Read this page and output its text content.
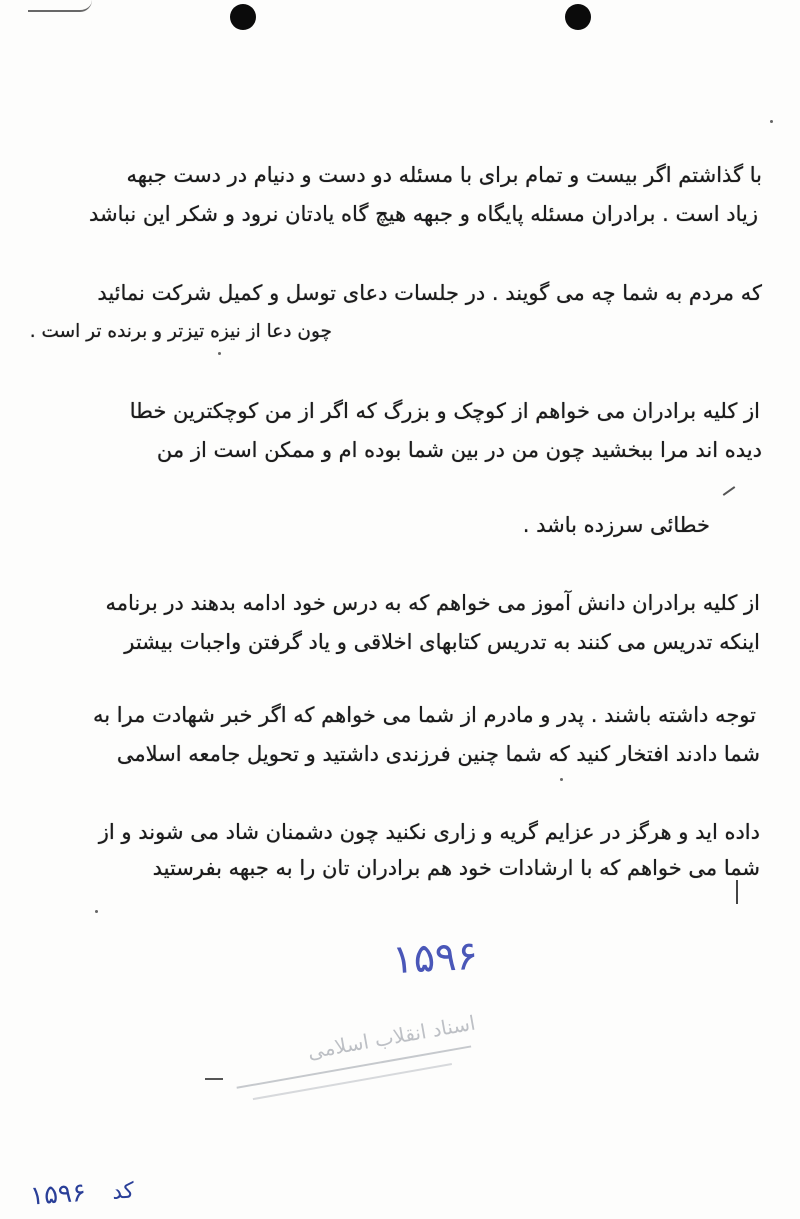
با گذاشتم اگر بیست و تمام برای با مسئله دو دست و دنیام در دست جبهه
زیاد است . برادران مسئله پایگاه و جبهه هیچ گاه یادتان نرود و شکر این نباشد
که مردم به شما چه می گویند . در جلسات دعای توسل و کمیل شرکت نمائید
چون دعا از نیزه تیزتر و برنده تر است .
از کلیه برادران می خواهم از کوچک و بزرگ که اگر از من کوچکترین خطا
دیده اند مرا ببخشید چون من در بین شما بوده ام و ممکن است از من
خطائی سرزده باشد .
از کلیه برادران دانش آموز می خواهم که به درس خود ادامه بدهند در برنامه
اینکه تدریس می کنند به تدریس کتابهای اخلاقی و یاد گرفتن واجبات بیشتر
توجه داشته باشند . پدر و مادرم از شما می خواهم که اگر خبر شهادت مرا به
شما دادند افتخار کنید که شما چنین فرزندی داشتید و تحویل جامعه اسلامی
داده اید و هرگز در عزایم گریه و زاری نکنید چون دشمنان شاد می شوند و از
شما می خواهم که با ارشادات خود هم برادران تان را به جبهه بفرستید
۱۵۹۶
اسناد انقلاب اسلامی
۱۵۹۶ کد
